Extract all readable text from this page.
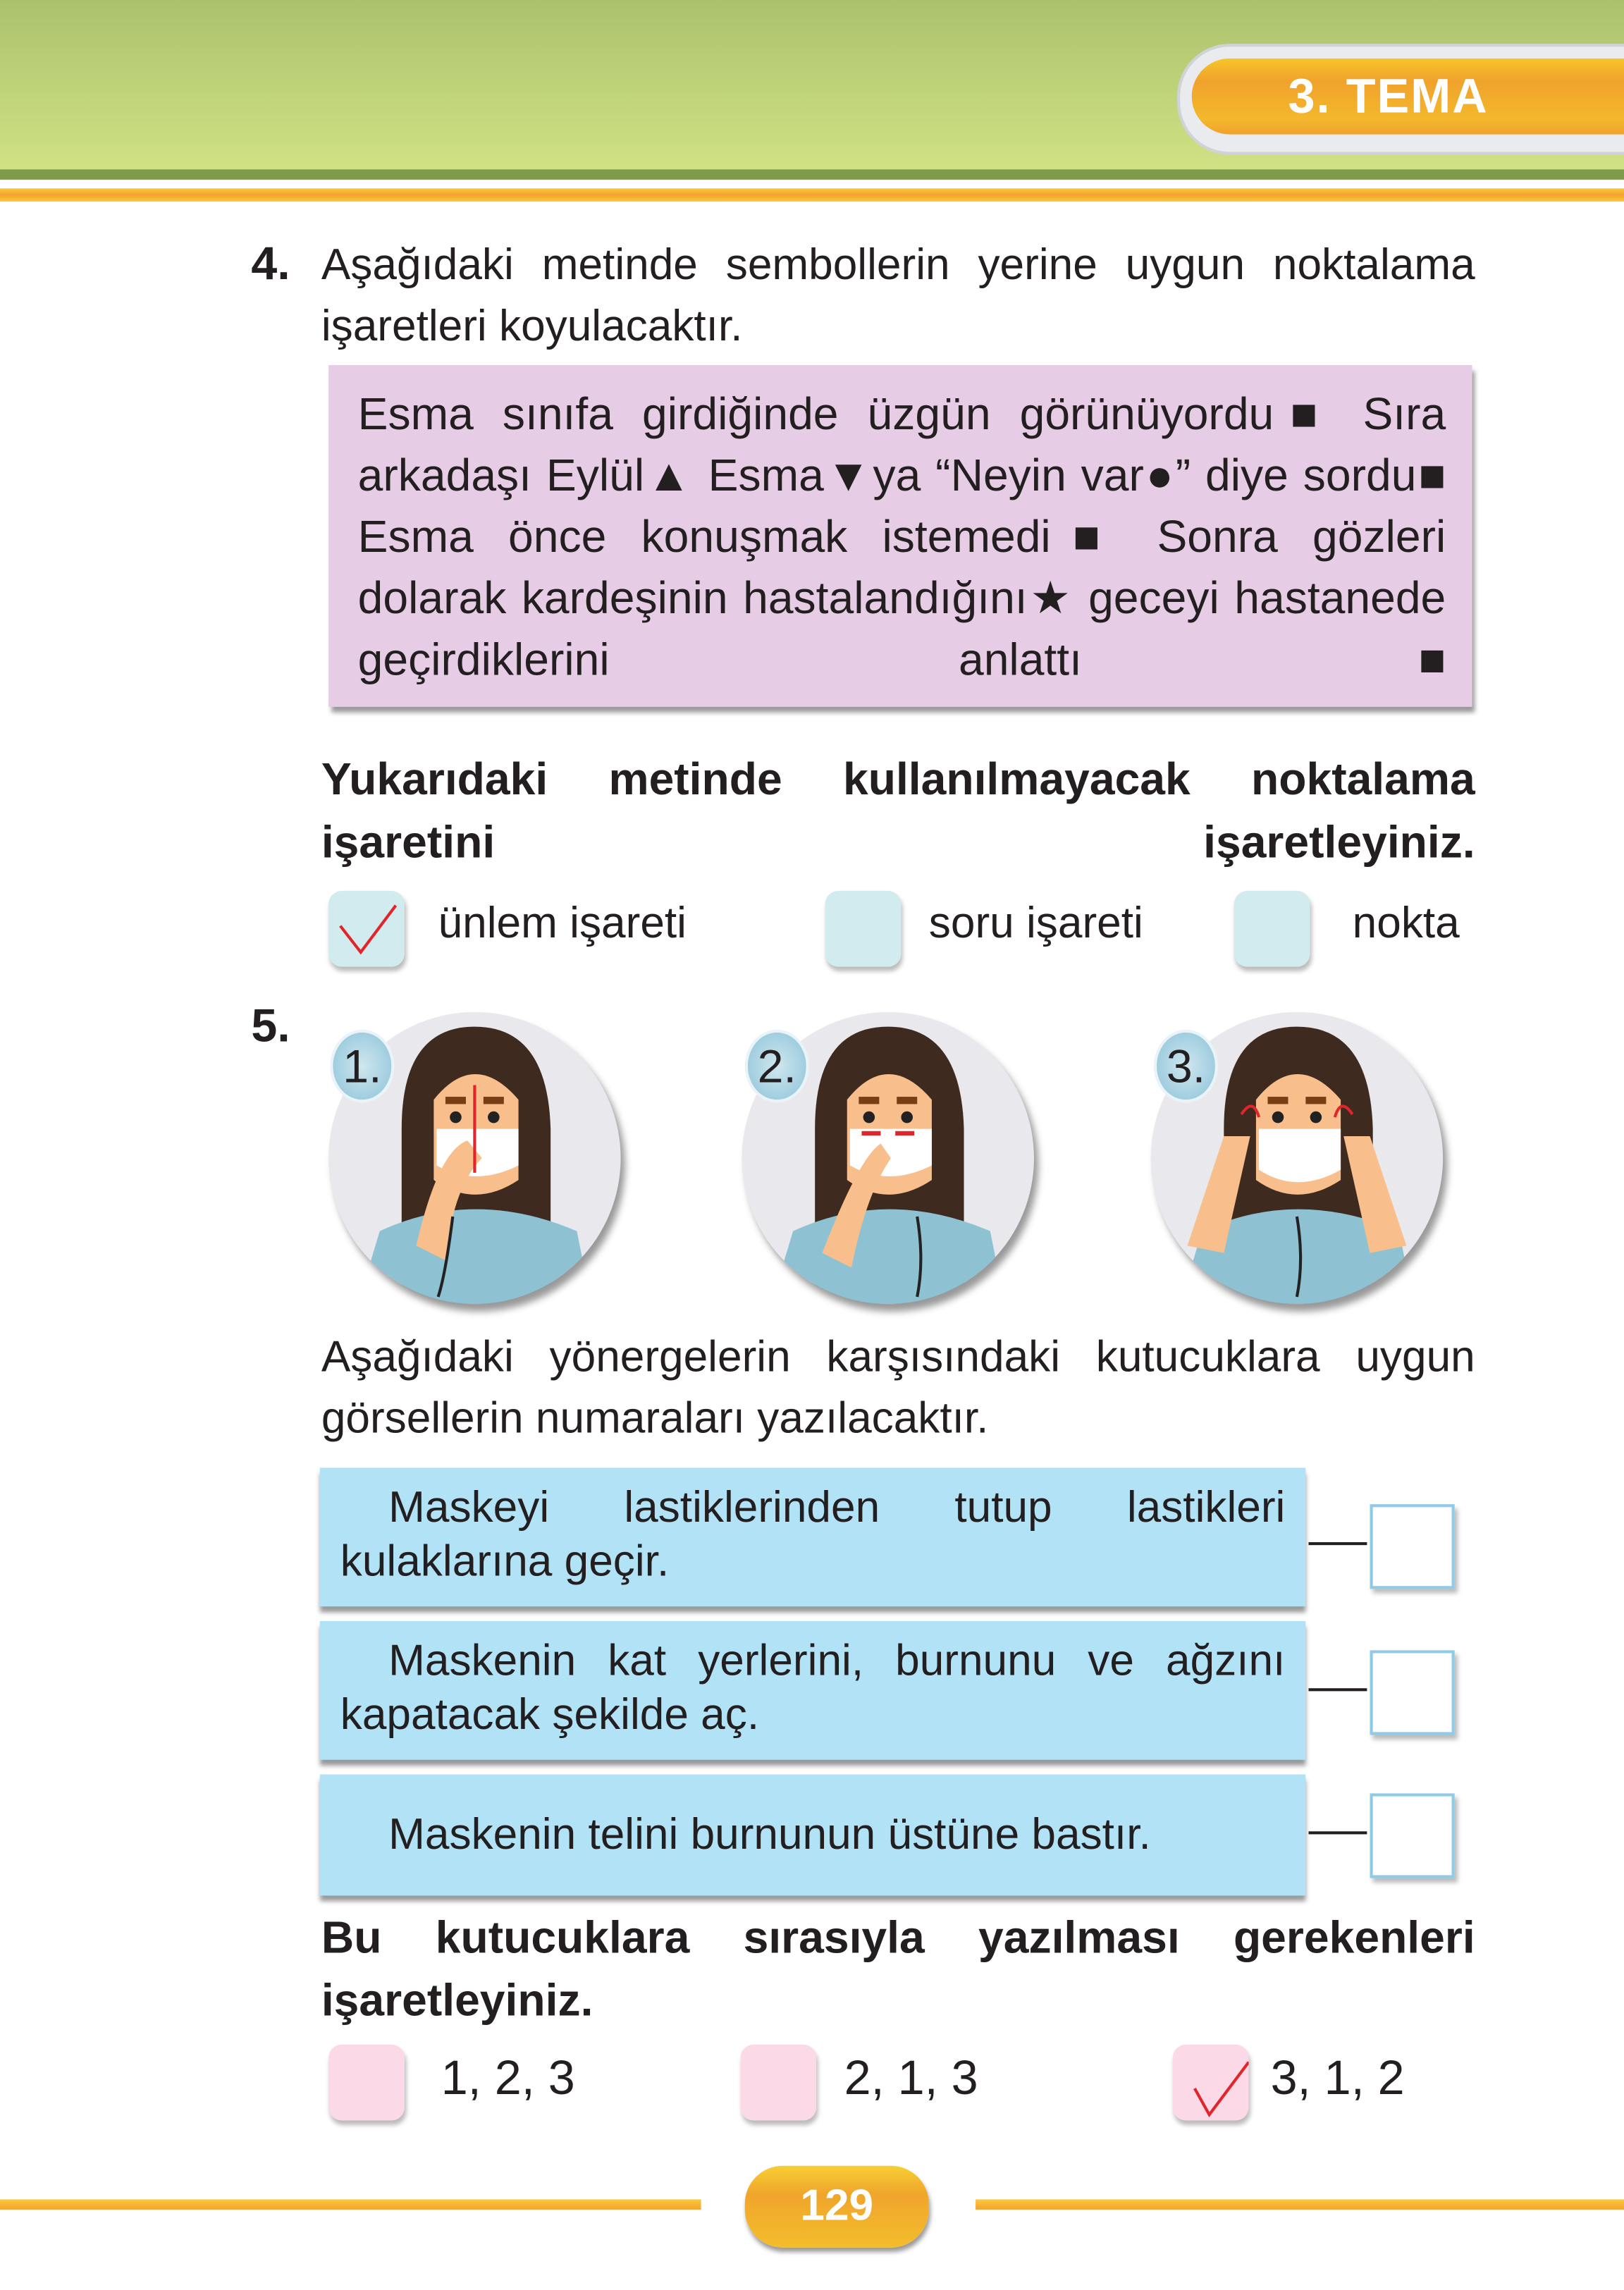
3. TEMA
4. Aşağıdaki metinde sembollerin yerine uygun noktalama işaretleri koyulacaktır.

Esma sınıfa girdiğinde üzgün görünüyordu■ Sıra arkadaşı Eylül▲ Esma▼ya “Neyin var●” diye sordu■ Esma önce konuşmak istemedi■ Sonra gözleri dolarak kardeşinin hastalandığını★ geceyi hastanede geçirdiklerini anlattı■

Yukarıdaki metinde kullanılmayacak noktalama işaretini işaretleyiniz.
ünlem işareti	soru işareti	nokta
5.
1.	2.	3.
Aşağıdaki yönergelerin karşısındaki kutucuklara uygun görsellerin numaraları yazılacaktır.

Maskeyi lastiklerinden tutup lastikleri kulaklarına geçir.

Maskenin kat yerlerini, burnunu ve ağzını kapatacak şekilde aç.

Maskenin telini burnunun üstüne bastır.

Bu kutucuklara sırasıyla yazılması gerekenleri işaretleyiniz.
1, 2, 3	2, 1, 3	3, 1, 2
129
